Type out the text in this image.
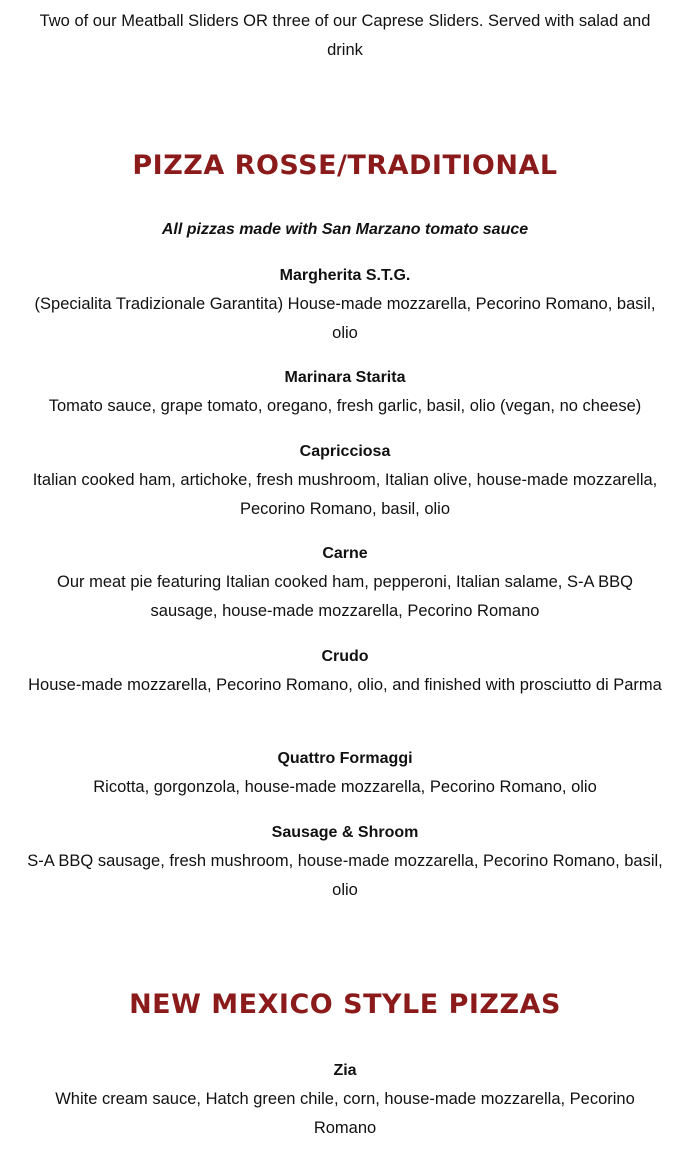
Two of our Meatball Sliders OR three of our Caprese Sliders. Served with salad and drink
PIZZA ROSSE/TRADITIONAL
All pizzas made with San Marzano tomato sauce
Margherita S.T.G.
(Specialita Tradizionale Garantita) House-made mozzarella, Pecorino Romano, basil, olio
Marinara Starita
Tomato sauce, grape tomato, oregano, fresh garlic, basil, olio (vegan, no cheese)
Capricciosa
Italian cooked ham, artichoke, fresh mushroom, Italian olive, house-made mozzarella, Pecorino Romano, basil, olio
Carne
Our meat pie featuring Italian cooked ham, pepperoni, Italian salame, S-A BBQ sausage, house-made mozzarella, Pecorino Romano
Crudo
House-made mozzarella, Pecorino Romano, olio, and finished with prosciutto di Parma
Quattro Formaggi
Ricotta, gorgonzola, house-made mozzarella, Pecorino Romano, olio
Sausage & Shroom
S-A BBQ sausage, fresh mushroom, house-made mozzarella, Pecorino Romano, basil, olio
NEW MEXICO STYLE PIZZAS
Zia
White cream sauce, Hatch green chile, corn, house-made mozzarella, Pecorino Romano
